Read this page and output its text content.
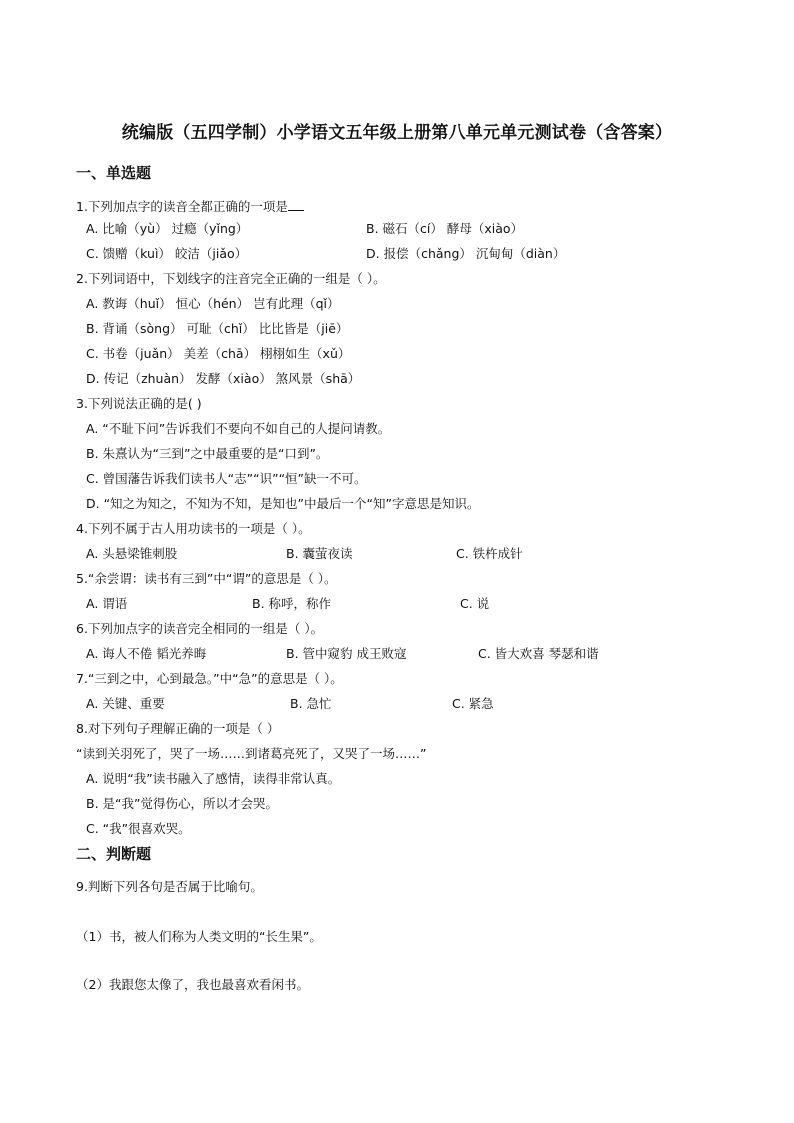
统编版（五四学制）小学语文五年级上册第八单元单元测试卷（含答案）
一、单选题
1.下列加点字的读音全都正确的一项是
A. 比喻（yù） 过瘾（yǐng）	B. 磁石（cí） 酵母（xiào）
C. 馈赠（kuì） 皎洁（jiǎo）	D. 报偿（chǎng） 沉甸甸（diàn）
2.下列词语中，下划线字的注音完全正确的一组是（ ）。
A. 教诲（huǐ） 恒心（hén） 岂有此理（qǐ）
B. 背诵（sòng） 可耻（chǐ） 比比皆是（jiē）
C. 书卷（juǎn） 美差（chā） 栩栩如生（xǔ）
D. 传记（zhuàn） 发酵（xiào） 煞风景（shā）
3.下列说法正确的是( )
A. “不耻下问”告诉我们不要向不如自己的人提问请教。
B. 朱熹认为“三到”之中最重要的是“口到”。
C. 曾国藩告诉我们读书人“志”“识”“恒”缺一不可。
D. “知之为知之，不知为不知，是知也”中最后一个“知”字意思是知识。
4.下列不属于古人用功读书的一项是（ ）。
A. 头悬梁锥刺股	B. 囊萤夜读	C. 铁杵成针
5.“余尝谓：读书有三到”中“谓”的意思是（ ）。
A. 谓语	B. 称呼，称作	C. 说
6.下列加点字的读音完全相同的一组是（ ）。
A. 诲人不倦 韬光养晦	B. 管中窥豹 成王败寇	C. 皆大欢喜 琴瑟和谐
7.“三到之中，心到最急。”中“急”的意思是（ ）。
A. 关键、重要	B. 急忙	C. 紧急
8.对下列句子理解正确的一项是（ ）
“读到关羽死了，哭了一场……到诸葛亮死了，又哭了一场……”
A. 说明“我”读书融入了感情，读得非常认真。
B. 是“我”觉得伤心，所以才会哭。
C. “我”很喜欢哭。
二、判断题
9.判断下列各句是否属于比喻句。
（1）书，被人们称为人类文明的“长生果”。
（2）我跟您太像了，我也最喜欢看闲书。
